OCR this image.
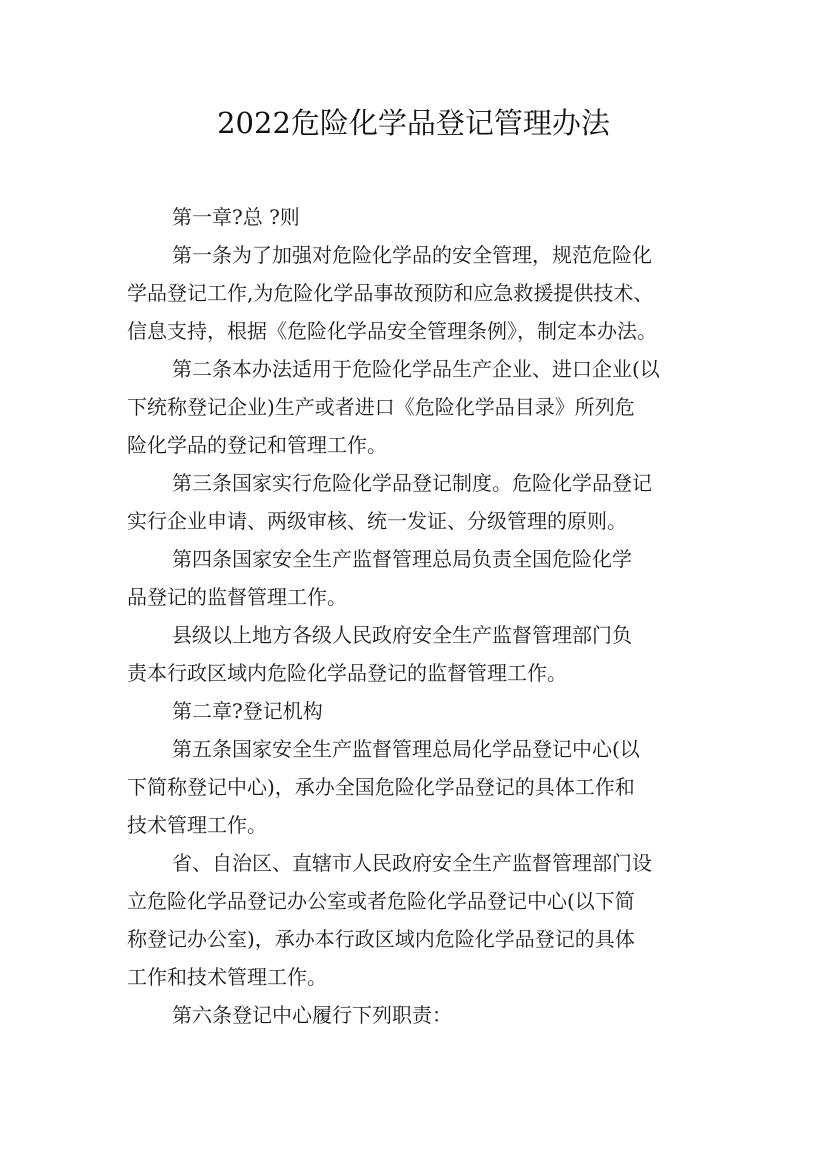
2022危险化学品登记管理办法
第一章?总 ?则
第一条为了加强对危险化学品的安全管理，规范危险化
学品登记工作,为危险化学品事故预防和应急救援提供技术、
信息支持，根据《危险化学品安全管理条例》，制定本办法。
第二条本办法适用于危险化学品生产企业、进口企业(以
下统称登记企业)生产或者进口《危险化学品目录》所列危
险化学品的登记和管理工作。
第三条国家实行危险化学品登记制度。危险化学品登记
实行企业申请、两级审核、统一发证、分级管理的原则。
第四条国家安全生产监督管理总局负责全国危险化学
品登记的监督管理工作。
县级以上地方各级人民政府安全生产监督管理部门负
责本行政区域内危险化学品登记的监督管理工作。
第二章?登记机构
第五条国家安全生产监督管理总局化学品登记中心(以
下简称登记中心)，承办全国危险化学品登记的具体工作和
技术管理工作。
省、自治区、直辖市人民政府安全生产监督管理部门设
立危险化学品登记办公室或者危险化学品登记中心(以下简
称登记办公室)，承办本行政区域内危险化学品登记的具体
工作和技术管理工作。
第六条登记中心履行下列职责：
